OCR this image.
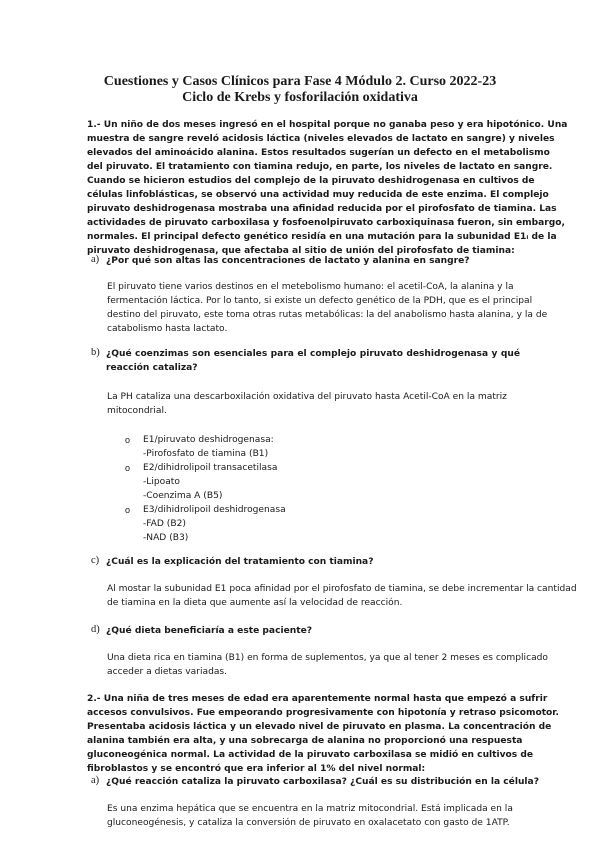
Cuestiones y Casos Clínicos para Fase 4 Módulo 2. Curso 2022-23
Ciclo de Krebs y fosforilación oxidativa
1.- Un niño de dos meses ingresó en el hospital porque no ganaba peso y era hipotónico. Una
muestra de sangre reveló acidosis láctica (niveles elevados de lactato en sangre) y niveles
elevados del aminoácido alanina. Estos resultados sugerían un defecto en el metabolismo
del piruvato. El tratamiento con tiamina redujo, en parte, los niveles de lactato en sangre.
Cuando se hicieron estudios del complejo de la piruvato deshidrogenasa en cultivos de
células linfoblásticas, se observó una actividad muy reducida de este enzima. El complejo
piruvato deshidrogenasa mostraba una afinidad reducida por el pirofosfato de tiamina. Las
actividades de piruvato carboxilasa y fosfoenolpiruvato carboxiquinasa fueron, sin embargo,
normales. El principal defecto genético residía en una mutación para la subunidad E1ᵢ de la
piruvato deshidrogenasa, que afectaba al sitio de unión del pirofosfato de tiamina:
a) ¿Por qué son altas las concentraciones de lactato y alanina en sangre?
El piruvato tiene varios destinos en el metebolismo humano: el acetil-CoA, la alanina y la
fermentación láctica. Por lo tanto, si existe un defecto genético de la PDH, que es el principal
destino del piruvato, este toma otras rutas metabólicas: la del anabolismo hasta alanina, y la de
catabolismo hasta lactato.
b) ¿Qué coenzimas son esenciales para el complejo piruvato deshidrogenasa y qué
reacción cataliza?
La PH cataliza una descarboxilación oxidativa del piruvato hasta Acetil-CoA en la matriz
mitocondrial.
o E1/piruvato deshidrogenasa:
-Pirofosfato de tiamina (B1)
o E2/dihidrolipoil transacetilasa
-Lipoato
-Coenzima A (B5)
o E3/dihidrolipoil deshidrogenasa
-FAD (B2)
-NAD (B3)
c) ¿Cuál es la explicación del tratamiento con tiamina?
Al mostar la subunidad E1 poca afinidad por el pirofosfato de tiamina, se debe incrementar la cantidad
de tiamina en la dieta que aumente así la velocidad de reacción.
d) ¿Qué dieta beneficiaría a este paciente?
Una dieta rica en tiamina (B1) en forma de suplementos, ya que al tener 2 meses es complicado
acceder a dietas variadas.
2.- Una niña de tres meses de edad era aparentemente normal hasta que empezó a sufrir
accesos convulsivos. Fue empeorando progresivamente con hipotonía y retraso psicomotor.
Presentaba acidosis láctica y un elevado nivel de piruvato en plasma. La concentración de
alanina también era alta, y una sobrecarga de alanina no proporcionó una respuesta
gluconeogénica normal. La actividad de la piruvato carboxilasa se midió en cultivos de
fibroblastos y se encontró que era inferior al 1% del nivel normal:
a) ¿Qué reacción cataliza la piruvato carboxilasa? ¿Cuál es su distribución en la célula?
Es una enzima hepática que se encuentra en la matriz mitocondrial. Está implicada en la
gluconeogénesis, y cataliza la conversión de piruvato en oxalacetato con gasto de 1ATP.
